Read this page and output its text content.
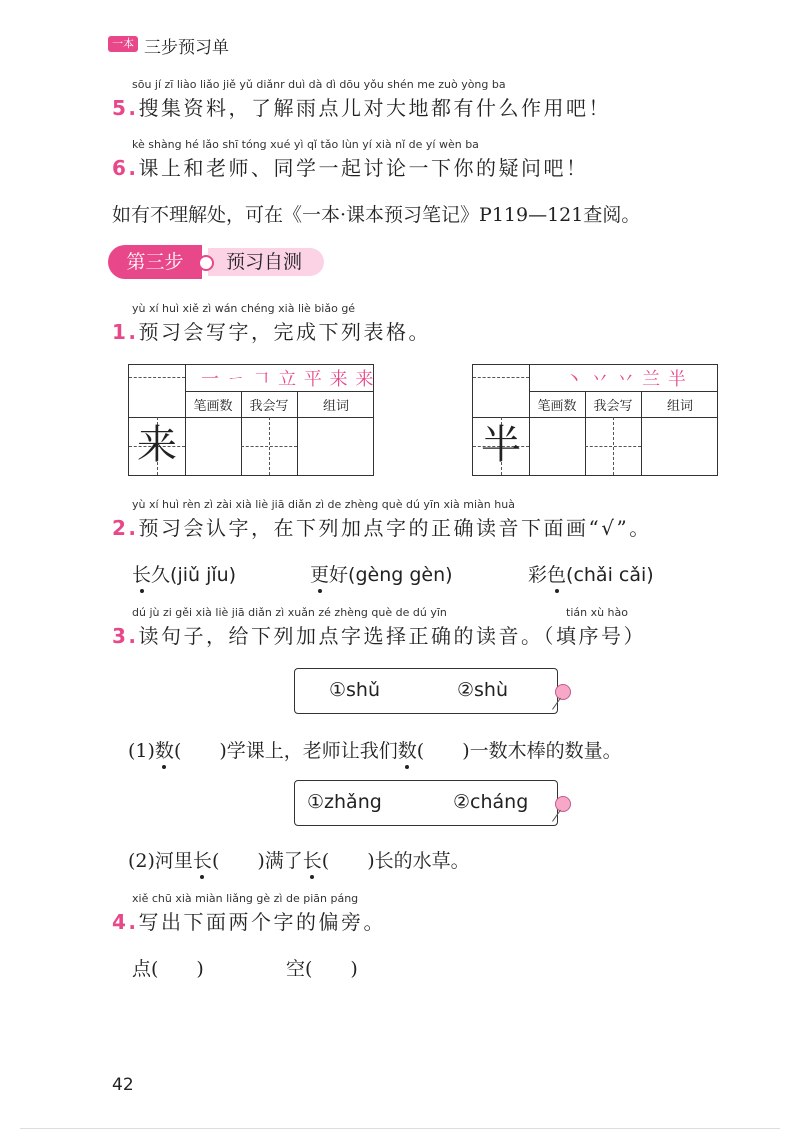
一本 三步预习单
sōu jí zī liào liǎo jiě yǔ diǎnr duì dà dì dōu yǒu shén me zuò yòng ba
5.搜集资料，了解雨点儿对大地都有什么作用吧！
kè shàng hé lǎo shī tóng xué yì qǐ tǎo lùn yí xià nǐ de yí wèn ba
6.课上和老师、同学一起讨论一下你的疑问吧！
如有不理解处，可在《一本·课本预习笔记》P119—121查阅。
预习自测
第三步
yù xí huì xiě zì wán chéng xià liè biǎo gé
1.预习会写字，完成下列表格。
一 ㄧ 𠃍 立 平 来 来
笔画数	我会写	组词
来
丶 丷 丷 兰 半
笔画数	我会写	组词
半
yù xí huì rèn zì zài xià liè jiā diǎn zì de zhèng què dú yīn xià miàn huà
2.预习会认字，在下列加点字的正确读音下面画“√”。
长久(jiǔ jǐu)	更好(gèng gèn)	彩色(chǎi cǎi)
dú jù zi gěi xià liè jiā diǎn zì xuǎn zé zhèng què de dú yīn	tián xù hào
3.读句子，给下列加点字选择正确的读音。（填序号）
①shǔ	②shù
(1)数(　　)学课上，老师让我们数(　　)一数木棒的数量。
①zhǎng	②cháng
(2)河里长(　　)满了长(　　)长的水草。
xiě chū xià miàn liǎng gè zì de piān páng
4.写出下面两个字的偏旁。
点(　　)	空(　　)
42
